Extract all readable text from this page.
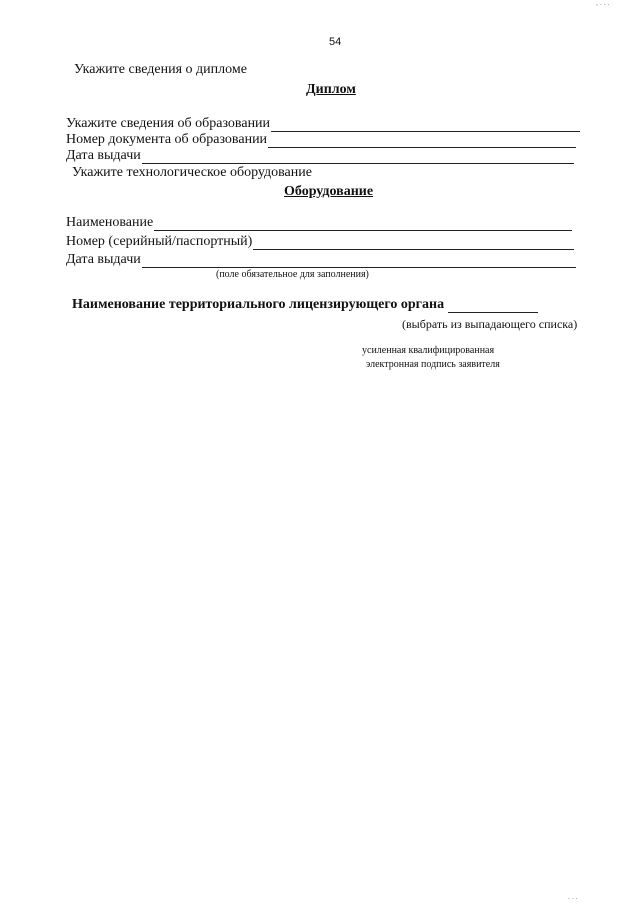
54
Укажите сведения о дипломе
Диплом
Укажите сведения об образовании
Номер документа об образовании
Дата выдачи
Укажите технологическое оборудование
Оборудование
Наименование
Номер (серийный/паспортный)
Дата выдачи
(поле обязательное для заполнения)
Наименование территориального лицензирующего органа
(выбрать из выпадающего списка)
усиленная квалифицированная
электронная подпись заявителя
, . . .
. . .
